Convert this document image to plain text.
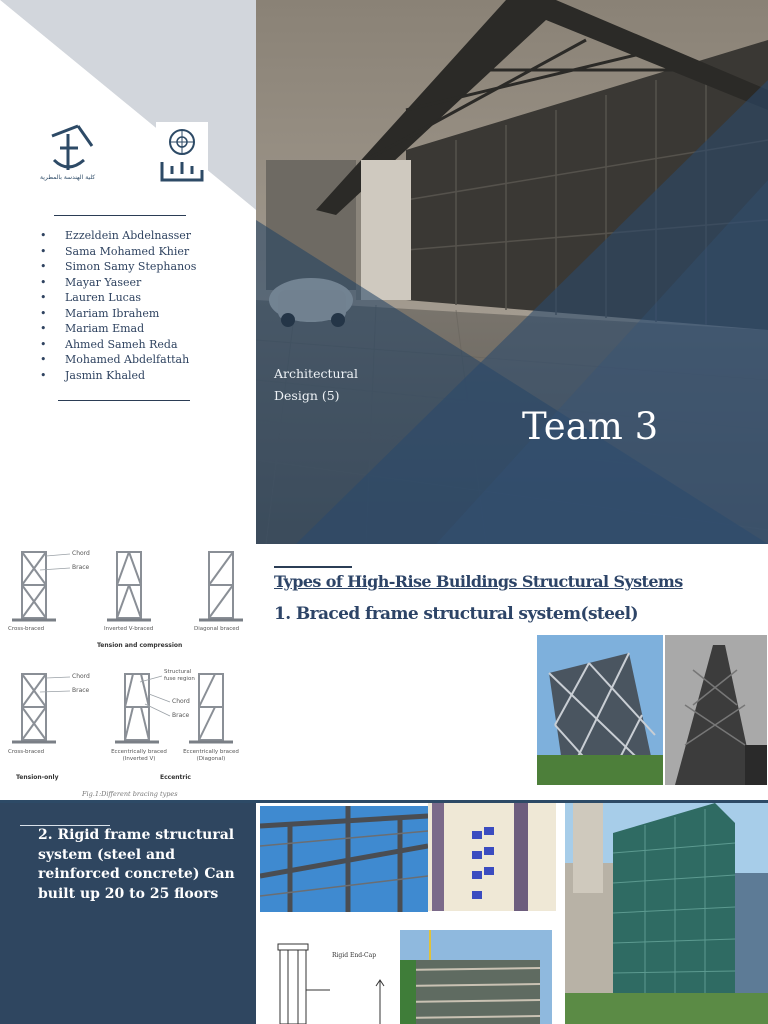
كلية الهندسة بالمطرية
• Ezzeldein Abdelnasser
• Sama Mohamed Khier
• Simon Samy Stephanos
• Mayar Yaseer
• Lauren Lucas
• Mariam Ibrahem
• Mariam Emad
• Ahmed Sameh Reda
• Mohamed Abdelfattah
• Jasmin Khaled	Architectural
Design (5)
Team 3
Chord
Brace
Cross-braced	Inverted V-braced	Diagonal braced
Tension and compression
Chord
Brace
Structural fuse region
Chord
Brace
Cross-braced	Eccentrically braced (Inverted V)
Eccentrically braced (Diagonal)
Tension-only	Eccentric
Fig.1:Different bracing types
Types of High-Rise Buildings Structural Systems
1. Braced frame structural system(steel)
2. Rigid frame structural system (steel and reinforced concrete) Can built up 20 to 25 floors
Rigid End-Cap
